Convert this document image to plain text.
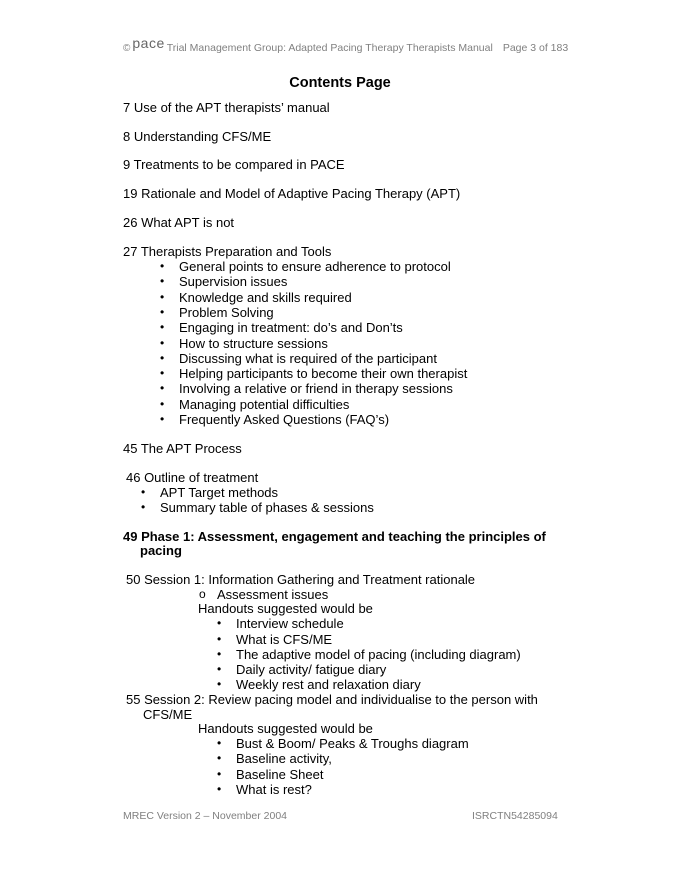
© pace Trial Management Group: Adapted Pacing Therapy Therapists Manual Page 3 of 183
Contents Page
7 Use of the APT therapists’ manual
8 Understanding CFS/ME
9 Treatments to be compared in PACE
19 Rationale and Model of Adaptive Pacing Therapy (APT)
26 What APT is not
27 Therapists Preparation and Tools
• General points to ensure adherence to protocol
• Supervision issues
• Knowledge and skills required
• Problem Solving
• Engaging in treatment: do’s and Don’ts
• How to structure sessions
• Discussing what is required of the participant
• Helping participants to become their own therapist
• Involving a relative or friend in therapy sessions
• Managing potential difficulties
• Frequently Asked Questions (FAQ’s)
45 The APT Process
46 Outline of treatment
• APT Target methods
• Summary table of phases & sessions
49 Phase 1: Assessment, engagement and teaching the principles of
pacing
50 Session 1: Information Gathering and Treatment rationale
o Assessment issues
Handouts suggested would be
• Interview schedule
• What is CFS/ME
• The adaptive model of pacing (including diagram)
• Daily activity/ fatigue diary
• Weekly rest and relaxation diary
55 Session 2: Review pacing model and individualise to the person with
CFS/ME
Handouts suggested would be
• Bust & Boom/ Peaks & Troughs diagram
• Baseline activity,
• Baseline Sheet
• What is rest?
MREC Version 2 – November 2004	ISRCTN54285094
